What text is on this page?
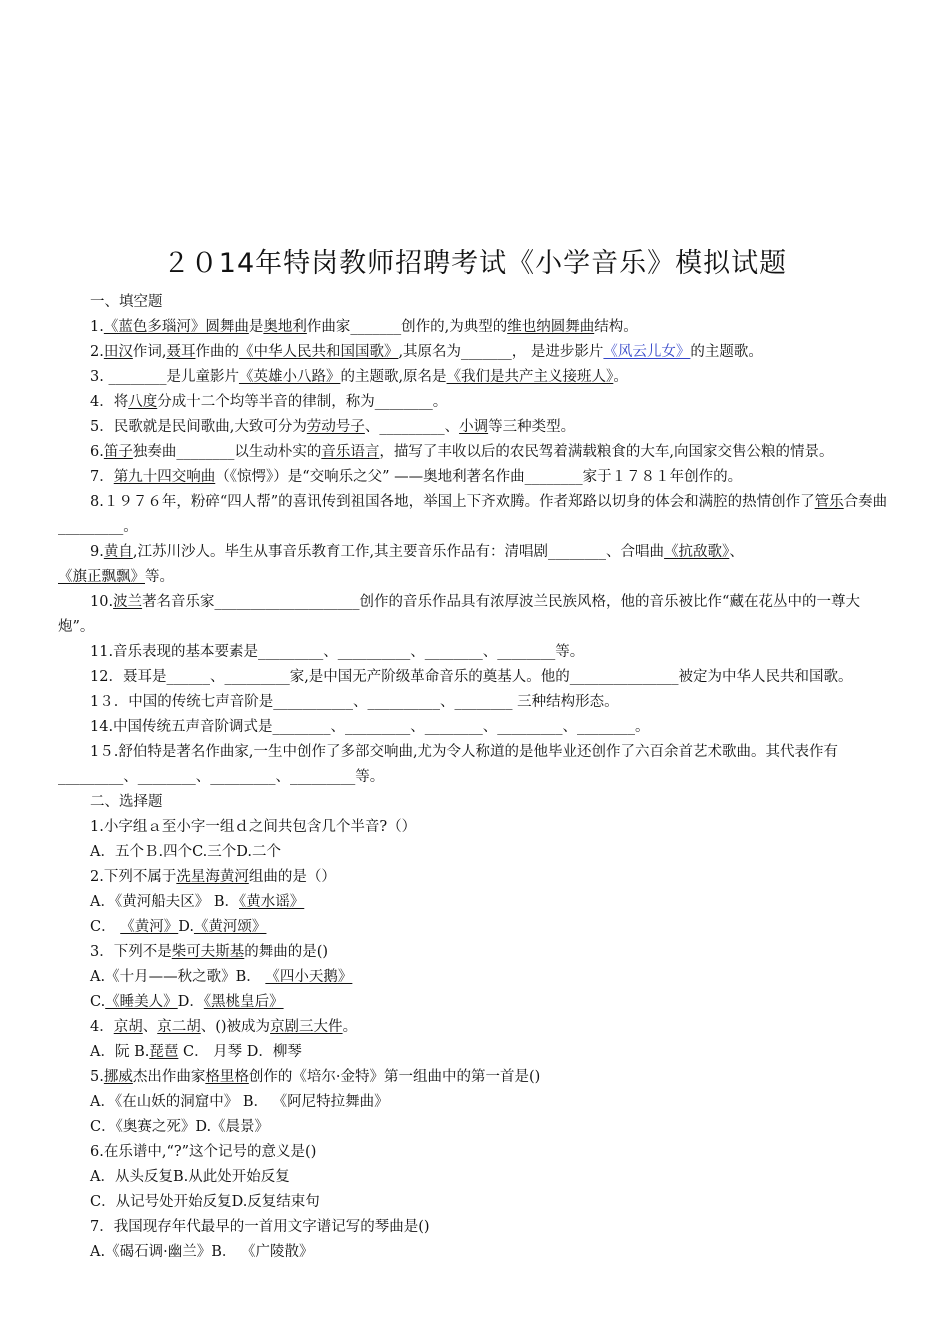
２０14年特岗教师招聘考试《小学音乐》模拟试题
一、填空题
1.《蓝色多瑙河》圆舞曲是奥地利作曲家_______创作的,为典型的维也纳圆舞曲结构。
2.田汉作词,聂耳作曲的《中华人民共和国国歌》,其原名为_______， 是进步影片《风云儿女》的主题歌。
3. ________是儿童影片《英雄小八路》的主题歌,原名是《我们是共产主义接班人》。
4．将八度分成十二个均等半音的律制，称为________。
5．民歌就是民间歌曲,大致可分为劳动号子、_________、小调等三种类型。
6.笛子独奏曲________以生动朴实的音乐语言，描写了丰收以后的农民驾着满载粮食的大车,向国家交售公粮的情景。
7．第九十四交响曲（《惊愕》）是“交响乐之父” ——奥地利著名作曲________家于１７８１年创作的。
8.１９７６年，粉碎“四人帮”的喜讯传到祖国各地，举国上下齐欢腾。作者郑路以切身的体会和满腔的热情创作了管乐合奏曲_________。
9.黄自,江苏川沙人。毕生从事音乐教育工作,其主要音乐作品有：清唱剧________、合唱曲《抗敌歌》、
《旗正飘飘》等。
10.波兰著名音乐家____________________创作的音乐作品具有浓厚波兰民族风格，他的音乐被比作“藏在花丛中的一尊大炮”。
11.音乐表现的基本要素是_________、__________、________、________等。
12．聂耳是______、_________家,是中国无产阶级革命音乐的奠基人。他的_______________被定为中华人民共和国歌。
1３．中国的传统七声音阶是___________、__________、________ 三种结构形态。
14.中国传统五声音阶调式是________、_________、________、_________、________。
1５.舒伯特是著名作曲家,一生中创作了多部交响曲,尤为令人称道的是他毕业还创作了六百余首艺术歌曲。其代表作有_________、________、_________、_________等。
二、选择题
1.小字组ａ至小字一组ｄ之间共包含几个半音?（）
A．五个Ｂ.四个C.三个D.二个
2.下列不属于冼星海黄河组曲的是（）
A．《黄河船夫区》 B．《黄水谣》
C． 《黄河》D.《黄河颂》
3．下列不是柴可夫斯基的舞曲的是()
A.《十月——秋之歌》B． 《四小天鹅》
C.《睡美人》D．《黑桃皇后》
4．京胡、京二胡、()被成为京剧三大件。
A．阮 B.琵琶 C． 月琴 D．柳琴
5.挪威杰出作曲家格里格创作的《培尔·金特》第一组曲中的第一首是()
A．《在山妖的洞窟中》 B． 《阿尼特拉舞曲》
C．《奥赛之死》D.《晨景》
6.在乐谱中,“?”这个记号的意义是()
A．从头反复B.从此处开始反复
C．从记号处开始反复D.反复结束句
7．我国现存年代最早的一首用文字谱记写的琴曲是()
A.《碣石调·幽兰》B． 《广陵散》
